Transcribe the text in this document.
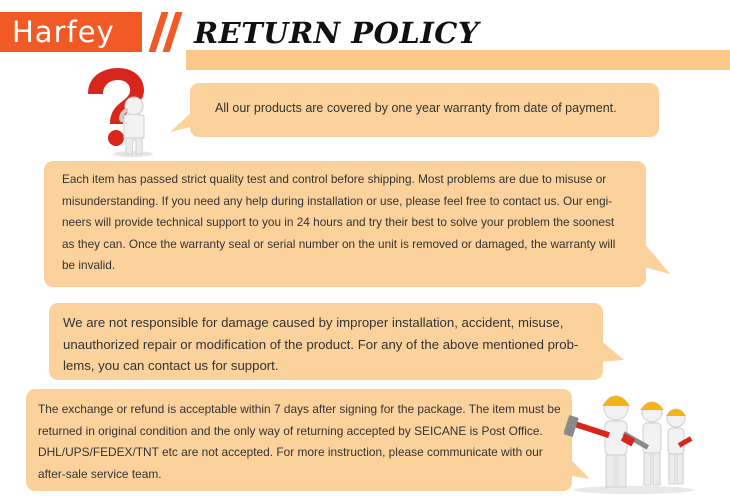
Harfey	RETURN POLICY
All our products are covered by one year warranty from date of payment.
Each item has passed strict quality test and control before shipping. Most problems are due to misuse or
misunderstanding. If you need any help during installation or use, please feel free to contact us. Our engi-
neers will provide technical support to you in 24 hours and try their best to solve your problem the soonest
as they can. Once the warranty seal or serial number on the unit is removed or damaged, the warranty will
be invalid.
We are not responsible for damage caused by improper installation, accident, misuse,
unauthorized repair or modification of the product. For any of the above mentioned prob-
lems, you can contact us for support.
The exchange or refund is acceptable within 7 days after signing for the package. The item must be
returned in original condition and the only way of returning accepted by SEICANE is Post Office.
DHL/UPS/FEDEX/TNT etc are not accepted. For more instruction, please communicate with our
after-sale service team.
